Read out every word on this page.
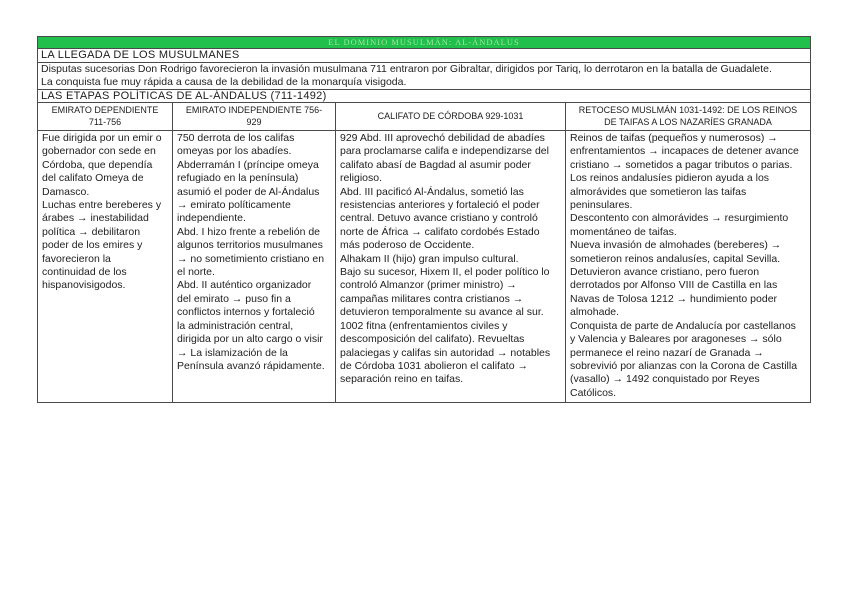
EL DOMINIO MUSULMÁN: AL-ÁNDALUS
LA LLEGADA DE LOS MUSULMANES
Disputas sucesorias Don Rodrigo favorecieron la invasión musulmana 711 entraron por Gibraltar, dirigidos por Tariq, lo derrotaron en la batalla de Guadalete.
La conquista fue muy rápida a causa de la debilidad de la monarquía visigoda.
LAS ETAPAS POLÍTICAS DE AL-ÁNDALUS (711-1492)
EMIRATO DEPENDIENTE
711-756
EMIRATO INDEPENDIENTE 756-
929
CALIFATO DE CÓRDOBA 929-1031
RETOCESO MUSLMÁN 1031-1492: DE LOS REINOS
DE TAIFAS A LOS NAZARÍES GRANADA
Fue dirigida por un emir o
gobernador con sede en
Córdoba, que dependía
del califato Omeya de
Damasco.
Luchas entre bereberes y
árabes → inestabilidad
política → debilitaron
poder de los emires y
favorecieron la
continuidad de los
hispanovisigodos.
750 derrota de los califas
omeyas por los abadíes.
Abderramán I (príncipe omeya
refugiado en la península)
asumió el poder de Al-Ándalus
→ emirato políticamente
independiente.
Abd. I hizo frente a rebelión de
algunos territorios musulmanes
→ no sometimiento cristiano en
el norte.
Abd. II auténtico organizador
del emirato → puso fin a
conflictos internos y fortaleció
la administración central,
dirigida por un alto cargo o visir
→ La islamización de la
Península avanzó rápidamente.
929 Abd. III aprovechó debilidad de abadíes
para proclamarse califa e independizarse del
califato abasí de Bagdad al asumir poder
religioso.
Abd. III pacificó Al-Ándalus, sometió las
resistencias anteriores y fortaleció el poder
central. Detuvo avance cristiano y controló
norte de África → califato cordobés Estado
más poderoso de Occidente.
Alhakam II (hijo) gran impulso cultural.
Bajo su sucesor, Hixem II, el poder político lo
controló Almanzor (primer ministro) →
campañas militares contra cristianos →
detuvieron temporalmente su avance al sur.
1002 fitna (enfrentamientos civiles y
descomposición del califato). Revueltas
palaciegas y califas sin autoridad → notables
de Córdoba 1031 abolieron el califato →
separación reino en taifas.
Reinos de taifas (pequeños y numerosos) →
enfrentamientos → incapaces de detener avance
cristiano → sometidos a pagar tributos o parias.
Los reinos andalusíes pidieron ayuda a los
almorávides que sometieron las taifas
peninsulares.
Descontento con almorávides → resurgimiento
momentáneo de taifas.
Nueva invasión de almohades (bereberes) →
sometieron reinos andalusíes, capital Sevilla.
Detuvieron avance cristiano, pero fueron
derrotados por Alfonso VIII de Castilla en las
Navas de Tolosa 1212 → hundimiento poder
almohade.
Conquista de parte de Andalucía por castellanos
y Valencia y Baleares por aragoneses → sólo
permanece el reino nazarí de Granada →
sobrevivió por alianzas con la Corona de Castilla
(vasallo) → 1492 conquistado por Reyes
Católicos.
